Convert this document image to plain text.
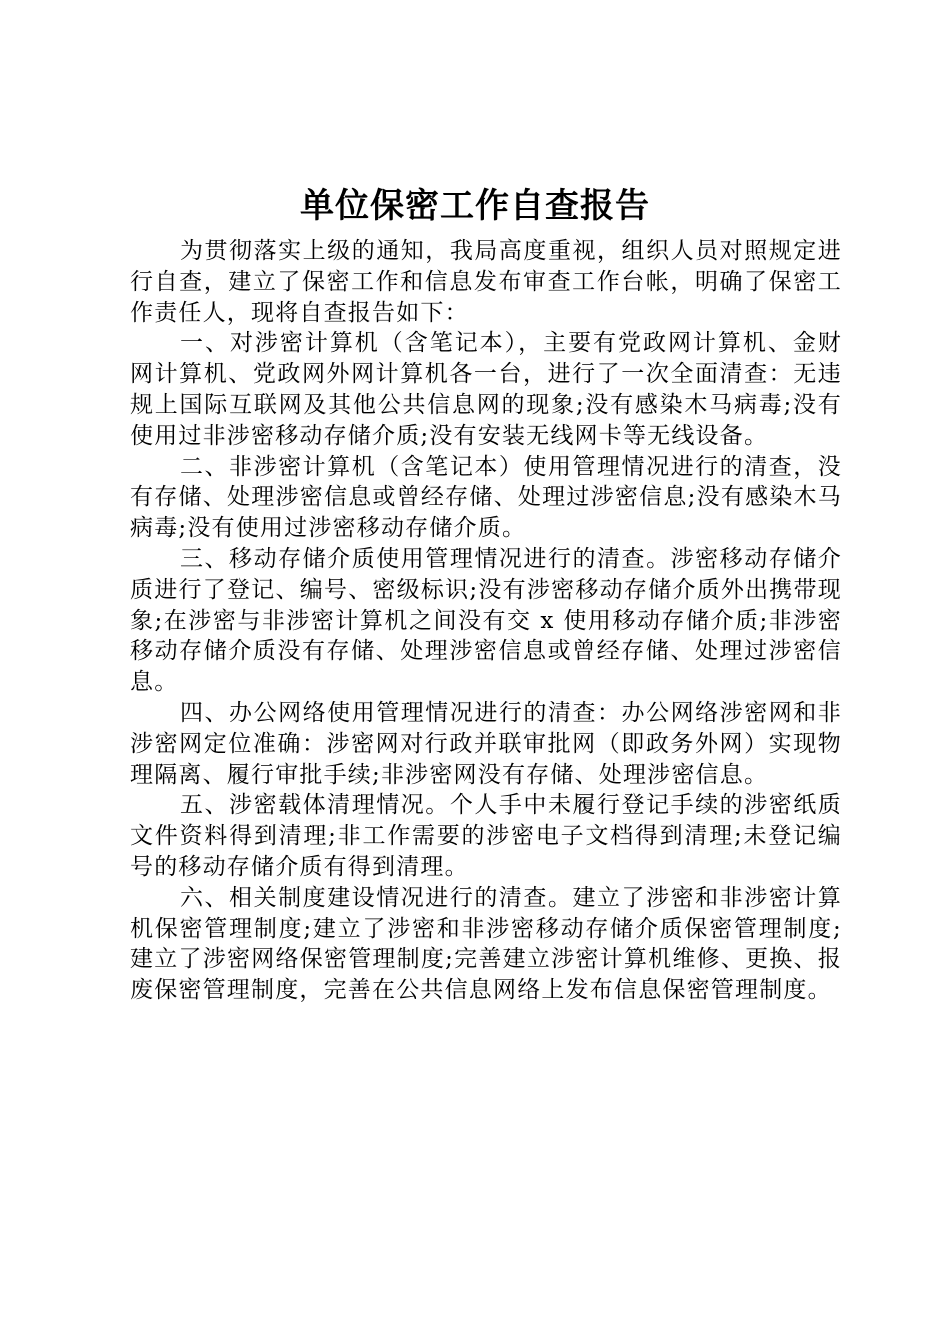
单位保密工作自查报告

为贯彻落实上级的通知，我局高度重视，组织人员对照规定进行自查，建立了保密工作和信息发布审查工作台帐，明确了保密工作责任人，现将自查报告如下：

一、对涉密计算机（含笔记本），主要有党政网计算机、金财网计算机、党政网外网计算机各一台，进行了一次全面清查：无违规上国际互联网及其他公共信息网的现象;没有感染木马病毒;没有使用过非涉密移动存储介质;没有安装无线网卡等无线设备。

二、非涉密计算机（含笔记本）使用管理情况进行的清查，没有存储、处理涉密信息或曾经存储、处理过涉密信息;没有感染木马病毒;没有使用过涉密移动存储介质。

三、移动存储介质使用管理情况进行的清查。涉密移动存储介质进行了登记、编号、密级标识;没有涉密移动存储介质外出携带现象;在涉密与非涉密计算机之间没有交 x 使用移动存储介质;非涉密移动存储介质没有存储、处理涉密信息或曾经存储、处理过涉密信息。

四、办公网络使用管理情况进行的清查：办公网络涉密网和非涉密网定位准确：涉密网对行政并联审批网（即政务外网）实现物理隔离、履行审批手续;非涉密网没有存储、处理涉密信息。

五、涉密载体清理情况。个人手中未履行登记手续的涉密纸质文件资料得到清理;非工作需要的涉密电子文档得到清理;未登记编号的移动存储介质有得到清理。

六、相关制度建设情况进行的清查。建立了涉密和非涉密计算机保密管理制度;建立了涉密和非涉密移动存储介质保密管理制度;建立了涉密网络保密管理制度;完善建立涉密计算机维修、更换、报废保密管理制度，完善在公共信息网络上发布信息保密管理制度。
